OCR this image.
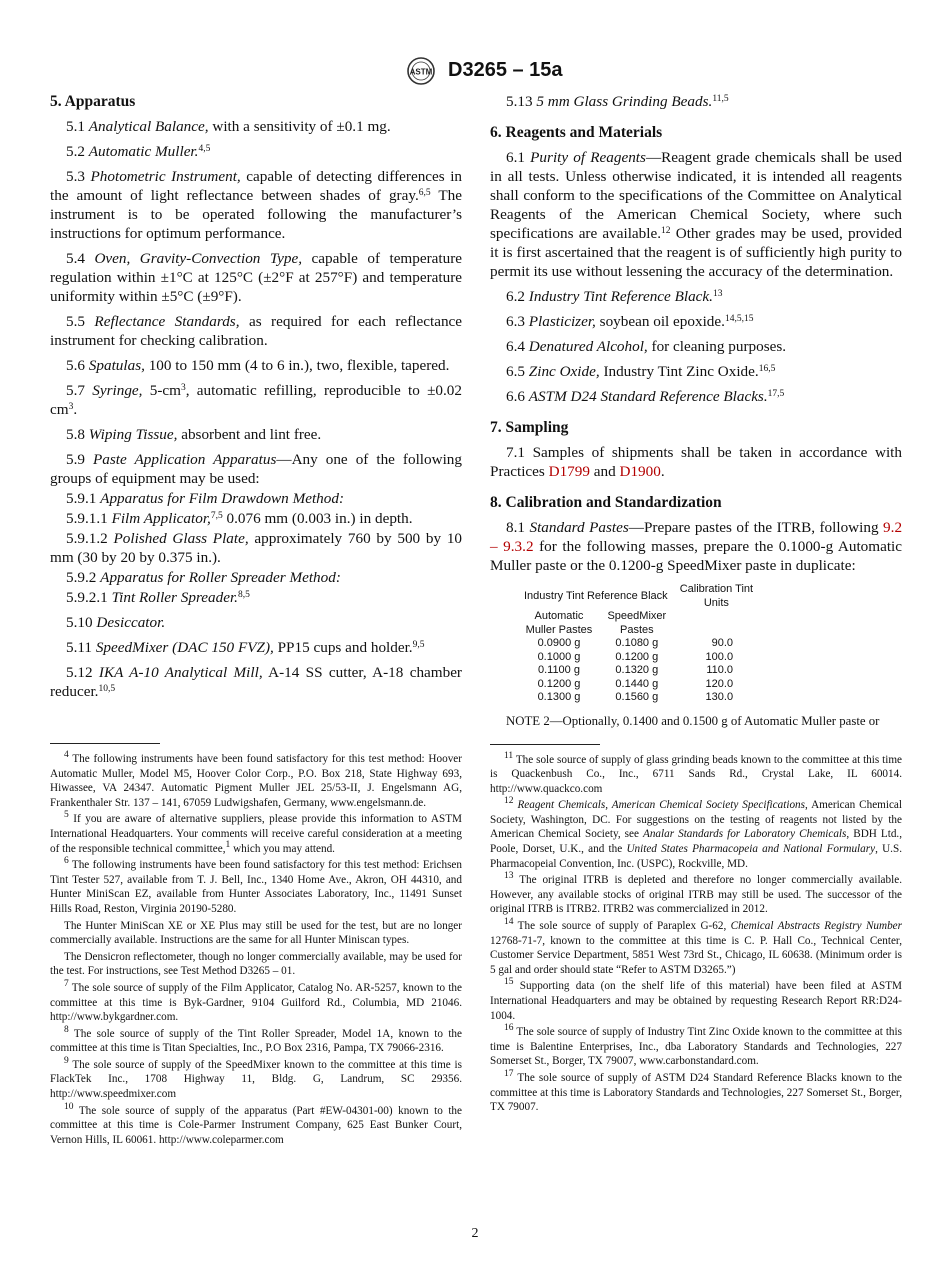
ASTM D3265 – 15a
5. Apparatus

5.1 Analytical Balance, with a sensitivity of ±0.1 mg.

5.2 Automatic Muller.$^{4,5}$

5.3 Photometric Instrument, capable of detecting differences in the amount of light reflectance between shades of gray.$^{6,5}$ The instrument is to be operated following the manufacturer’s instructions for optimum performance.

5.4 Oven, Gravity-Convection Type, capable of temperature regulation within ±1°C at 125°C (±2°F at 257°F) and temperature uniformity within ±5°C (±9°F).

5.5 Reflectance Standards, as required for each reflectance instrument for checking calibration.

5.6 Spatulas, 100 to 150 mm (4 to 6 in.), two, flexible, tapered.

5.7 Syringe, $5-cm^3$, automatic refilling, reproducible to ±0.02 $cm^3$.

5.8 Wiping Tissue, absorbent and lint free.

5.9 Paste Application Apparatus—Any one of the following groups of equipment may be used:

5.9.1 Apparatus for Film Drawdown Method:

5.9.1.1 Film Applicator,$^{7,5}$ 0.076 mm (0.003 in.) in depth.

5.9.1.2 Polished Glass Plate, approximately 760 by 500 by 10 mm (30 by 20 by 0.375 in.).

5.9.2 Apparatus for Roller Spreader Method:

5.9.2.1 Tint Roller Spreader.$^{8,5}$

5.10 Desiccator.

5.11 SpeedMixer (DAC 150 FVZ), PP15 cups and holder.$^{9,5}$

5.12 IKA A-10 Analytical Mill, A-14 SS cutter, A-18 chamber reducer.$^{10,5}$

$^4$ The following instruments have been found satisfactory for this test method: Hoover Automatic Muller, Model M5, Hoover Color Corp., P.O. Box 218, State Highway 693, Hiwassee, VA 24347. Automatic Pigment Muller JEL 25/53-II, J. Engelsmann AG, Frankenthaler Str. 137 – 141, 67059 Ludwigshafen, Germany, www.engelsmann.de.

$^5$ If you are aware of alternative suppliers, please provide this information to ASTM International Headquarters. Your comments will receive careful consideration at a meeting of the responsible technical committee,$^1$ which you may attend.

$^6$ The following instruments have been found satisfactory for this test method: Erichsen Tint Tester 527, available from T. J. Bell, Inc., 1340 Home Ave., Akron, OH 44310, and Hunter MiniScan EZ, available from Hunter Associates Laboratory, Inc., 11491 Sunset Hills Road, Reston, Virginia 20190-5280.

The Hunter MiniScan XE or XE Plus may still be used for the test, but are no longer commercially available. Instructions are the same for all Hunter Miniscan types.

The Densicron reflectometer, though no longer commercially available, may be used for the test. For instructions, see Test Method D3265 – 01.

$^7$ The sole source of supply of the Film Applicator, Catalog No. AR-5257, known to the committee at this time is Byk-Gardner, 9104 Guilford Rd., Columbia, MD 21046. http://www.bykgardner.com.

$^8$ The sole source of supply of the Tint Roller Spreader, Model 1A, known to the committee at this time is Titan Specialties, Inc., P.O Box 2316, Pampa, TX 79066-2316.

$^9$ The sole source of supply of the SpeedMixer known to the committee at this time is FlackTek Inc., 1708 Highway 11, Bldg. G, Landrum, SC 29356. http://www.speedmixer.com

$^{10}$ The sole source of supply of the apparatus (Part #EW-04301-00) known to the committee at this time is Cole-Parmer Instrument Company, 625 East Bunker Court, Vernon Hills, IL 60061. http://www.coleparmer.com

5.13 5 mm Glass Grinding Beads.$^{11,5}$

6. Reagents and Materials

6.1 Purity of Reagents—Reagent grade chemicals shall be used in all tests. Unless otherwise indicated, it is intended all reagents shall conform to the specifications of the Committee on Analytical Reagents of the American Chemical Society, where such specifications are available.$^{12}$ Other grades may be used, provided it is first ascertained that the reagent is of sufficiently high purity to permit its use without lessening the accuracy of the determination.

6.2 Industry Tint Reference Black.$^{13}$

6.3 Plasticizer, soybean oil epoxide.$^{14,5,15}$

6.4 Denatured Alcohol, for cleaning purposes.

6.5 Zinc Oxide, Industry Tint Zinc Oxide.$^{16,5}$

6.6 ASTM D24 Standard Reference Blacks.$^{17,5}$

7. Sampling

7.1 Samples of shipments shall be taken in accordance with Practices D1799 and D1900.

8. Calibration and Standardization

8.1 Standard Pastes—Prepare pastes of the ITRB, following 9.2 – 9.3.2 for the following masses, prepare the 0.1000-g Automatic Muller paste or the 0.1200-g SpeedMixer paste in duplicate:

Industry Tint Reference Black		Calibration Tint
Units
Automatic
Muller Pastes	SpeedMixer
Pastes	
0.0900 g	0.1080 g	90.0
0.1000 g	0.1200 g	100.0
0.1100 g	0.1320 g	110.0
0.1200 g	0.1440 g	120.0
0.1300 g	0.1560 g	130.0

NOTE 2—Optionally, 0.1400 and 0.1500 g of Automatic Muller paste or

$^{11}$ The sole source of supply of glass grinding beads known to the committee at this time is Quackenbush Co., Inc., 6711 Sands Rd., Crystal Lake, IL 60014. http://www.quackco.com

$^{12}$ Reagent Chemicals, American Chemical Society Specifications, American Chemical Society, Washington, DC. For suggestions on the testing of reagents not listed by the American Chemical Society, see Analar Standards for Laboratory Chemicals, BDH Ltd., Poole, Dorset, U.K., and the United States Pharmacopeia and National Formulary, U.S. Pharmacopeial Convention, Inc. (USPC), Rockville, MD.

$^{13}$ The original ITRB is depleted and therefore no longer commercially available. However, any available stocks of original ITRB may still be used. The successor of the original ITRB is ITRB2. ITRB2 was commercialized in 2012.

$^{14}$ The sole source of supply of Paraplex G-62, Chemical Abstracts Registry Number 12768-71-7, known to the committee at this time is C. P. Hall Co., Technical Center, Customer Service Department, 5851 West 73rd St., Chicago, IL 60638. (Minimum order is 5 gal and order should state “Refer to ASTM D3265.”)

$^{15}$ Supporting data (on the shelf life of this material) have been filed at ASTM International Headquarters and may be obtained by requesting Research Report RR:D24-1004.

$^{16}$ The sole source of supply of Industry Tint Zinc Oxide known to the committee at this time is Balentine Enterprises, Inc., dba Laboratory Standards and Technologies, 227 Somerset St., Borger, TX 79007, www.carbonstandard.com.

$^{17}$ The sole source of supply of ASTM D24 Standard Reference Blacks known to the committee at this time is Laboratory Standards and Technologies, 227 Somerset St., Borger, TX 79007.

2
